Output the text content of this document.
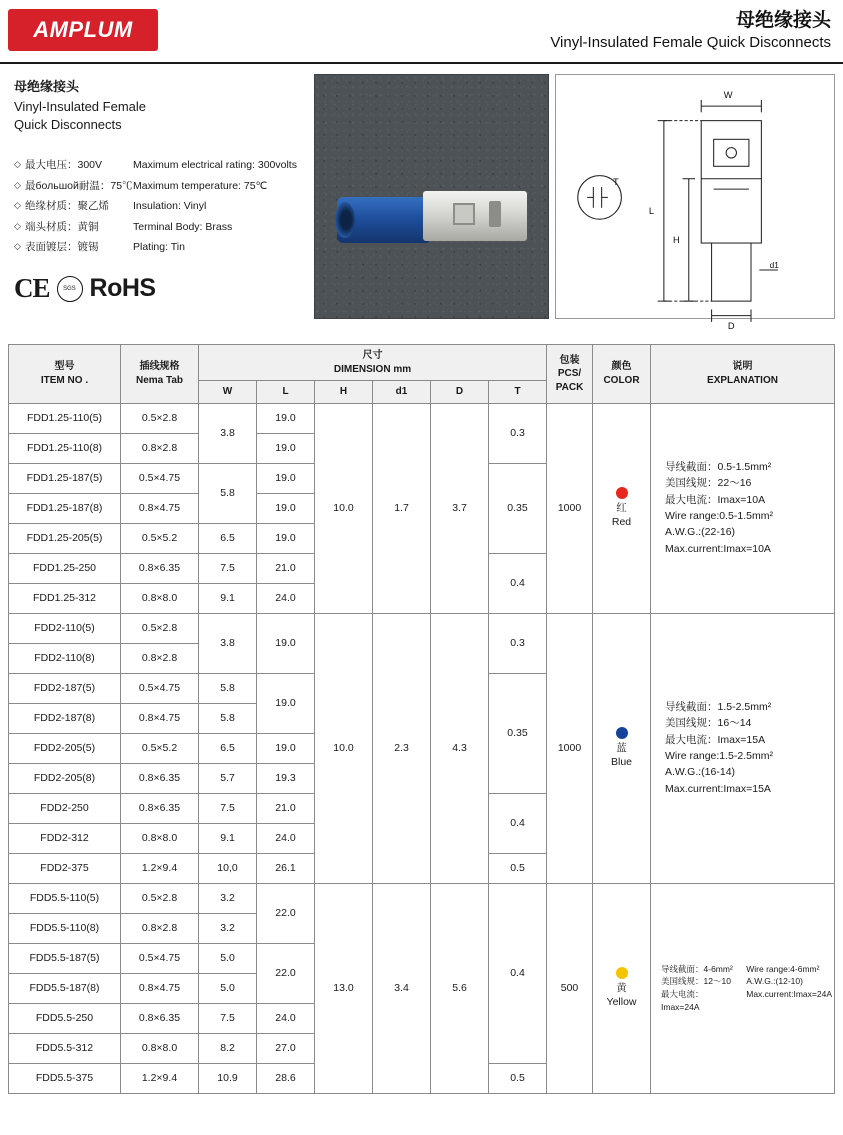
AMPLUM	母绝缘接头
Vinyl-Insulated Female Quick Disconnects
母绝缘接头
Vinyl-Insulated Female
Quick Disconnects
◇ 最大电压：300V	Maximum electrical rating: 300volts
◇ 最большой耐温：75℃ Maximum temperature: 75℃
◇ 绝缘材质：聚乙烯	Insulation: Vinyl
◇ 端头材质：黄铜	Terminal Body: Brass
◇ 表面镀层：镀锡	Plating: Tin
CE SGS RoHS
W
L
H
T
D
d1
型号
ITEM NO .

插线规格
Nema Tab

尺寸
DIMENSION mm

包装
PCS/
PACK

颜色
COLOR

说明
EXPLANATION

		W	L	H	d1	D	T			
FDD1.25-110(5)	0.5×2.8	3.8	19.0	10.0	1.7	3.7	0.3	1000	红
Red

导线截面：0.5-1.5mm²
美国线规：22～16
最大电流：Imax=10A
Wire range:0.5-1.5mm²
A.W.G.:(22-16)
Max.current:Imax=10A

FDD1.25-110(8)	0.8×2.8		19.0							
FDD1.25-187(5)	0.5×4.75	5.8	19.0				0.35			
FDD1.25-187(8)	0.8×4.75		19.0							
FDD1.25-205(5)	0.5×5.2	6.5	19.0							
FDD1.25-250	0.8×6.35	7.5	21.0				0.4			
FDD1.25-312	0.8×8.0	9.1	24.0							
FDD2-110(5)	0.5×2.8	3.8	19.0	10.0	2.3	4.3	0.3	1000	蓝
Blue

导线截面：1.5-2.5mm²
美国线规：16～14
最大电流：Imax=15A
Wire range:1.5-2.5mm²
A.W.G.:(16-14)
Max.current:Imax=15A

FDD2-110(8)	0.8×2.8									
FDD2-187(5)	0.5×4.75	5.8	19.0				0.35			
FDD2-187(8)	0.8×4.75	5.8								
FDD2-205(5)	0.5×5.2	6.5	19.0							
FDD2-205(8)	0.8×6.35	5.7	19.3							
FDD2-250	0.8×6.35	7.5	21.0				0.4			
FDD2-312	0.8×8.0	9.1	24.0							
FDD2-375	1.2×9.4	10,0	26.1				0.5			
FDD5.5-110(5)	0.5×2.8	3.2	22.0	13.0	3.4	5.6	0.4	500	黄
Yellow

导线截面：4-6mm²
美国线规：12～10
最大电流：Imax=24A
Wire range:4-6mm²
A.W.G.:(12-10)
Max.current:Imax=24A

FDD5.5-110(8)	0.8×2.8	3.2								
FDD5.5-187(5)	0.5×4.75	5.0	22.0							
FDD5.5-187(8)	0.8×4.75	5.0								
FDD5.5-250	0.8×6.35	7.5	24.0							
FDD5.5-312	0.8×8.0	8.2	27.0							
FDD5.5-375	1.2×9.4	10.9	28.6				0.5			
